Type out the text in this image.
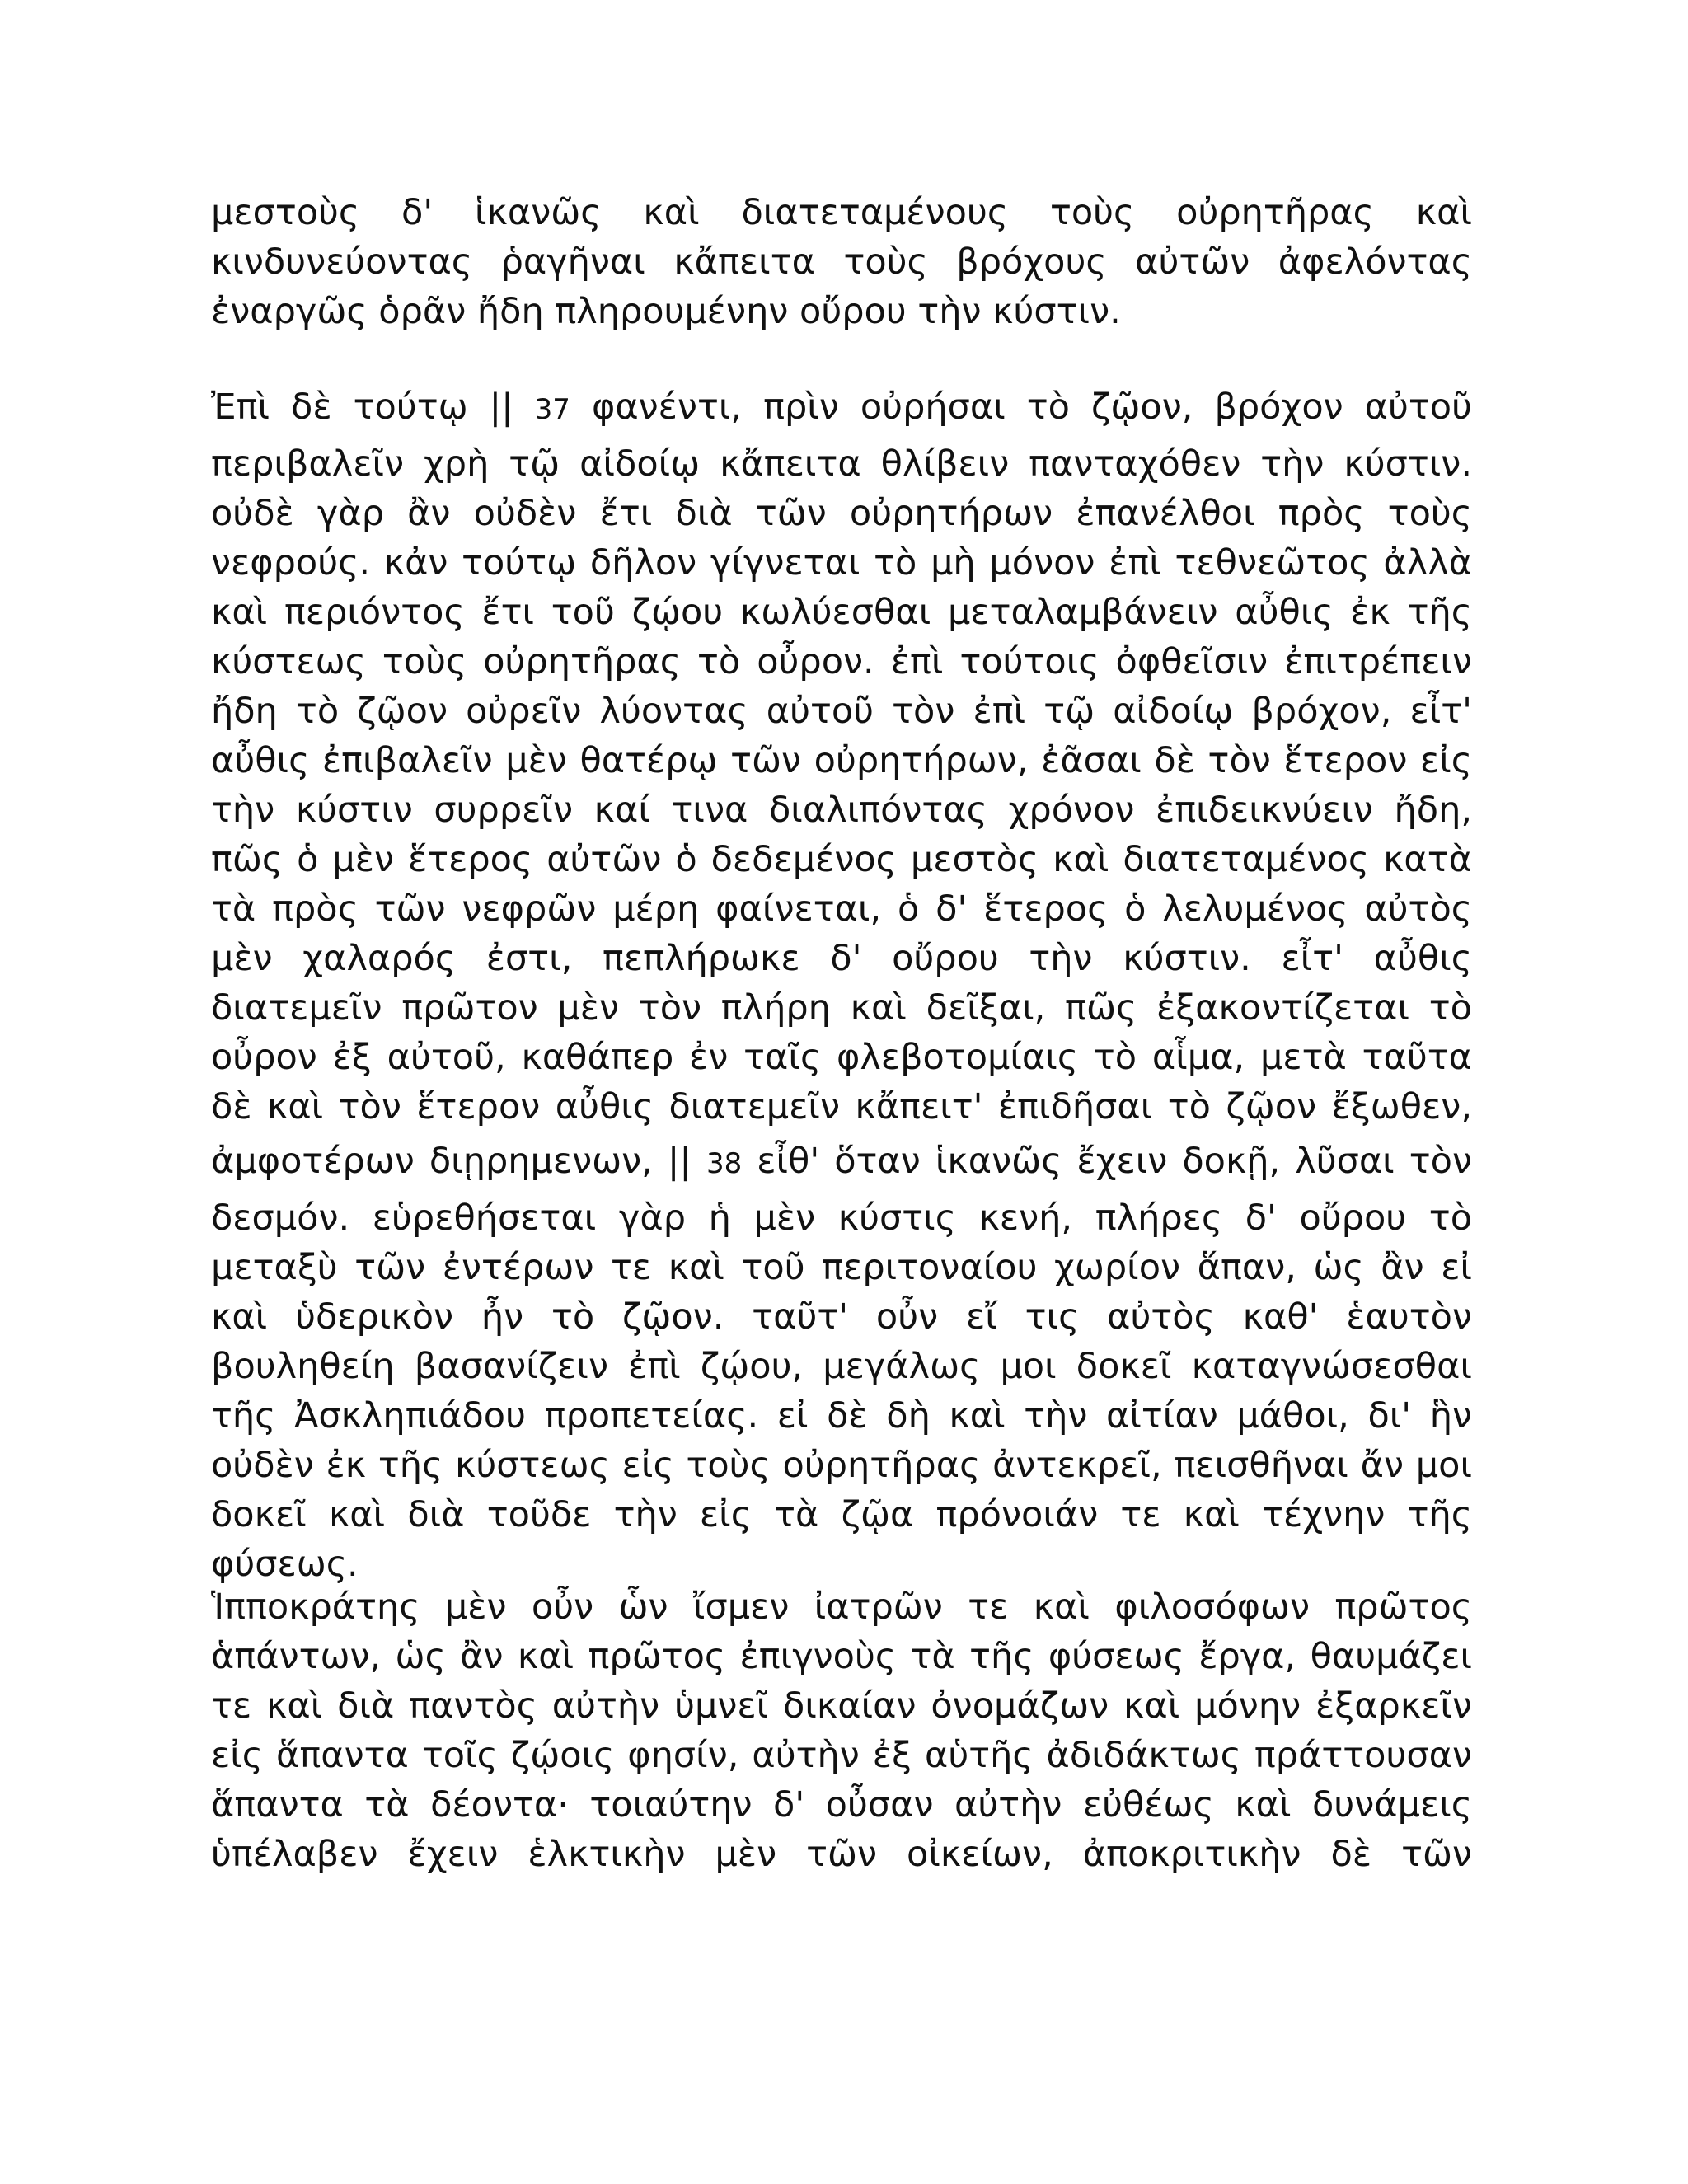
μεστοὺς δ' ἱκανῶς καὶ διατεταμένους τοὺς οὐρητῆρας καὶ
κινδυνεύοντας ῥαγῆναι κἄπειτα τοὺς βρόχους αὐτῶν ἀφελόντας
ἐναργῶς ὁρᾶν ἤδη πληρουμένην οὔρου τὴν κύστιν.
Ἐπὶ δὲ τούτῳ || 37 φανέντι, πρὶν οὐρήσαι τὸ ζῷον, βρόχον αὐτοῦ
περιβαλεῖν χρὴ τῷ αἰδοίῳ κἄπειτα θλίβειν πανταχόθεν τὴν κύστιν.
οὐδὲ γὰρ ἂν οὐδὲν ἔτι διὰ τῶν οὐρητήρων ἐπανέλθοι πρὸς τοὺς
νεφρούς. κἀν τούτῳ δῆλον γίγνεται τὸ μὴ μόνον ἐπὶ τεθνεῶτος ἀλλὰ
καὶ περιόντος ἔτι τοῦ ζῴου κωλύεσθαι μεταλαμβάνειν αὖθις ἐκ τῆς
κύστεως τοὺς οὐρητῆρας τὸ οὖρον. ἐπὶ τούτοις ὀφθεῖσιν ἐπιτρέπειν
ἤδη τὸ ζῷον οὐρεῖν λύοντας αὐτοῦ τὸν ἐπὶ τῷ αἰδοίῳ βρόχον, εἶτ'
αὖθις ἐπιβαλεῖν μὲν θατέρῳ τῶν οὐρητήρων, ἐᾶσαι δὲ τὸν ἕτερον εἰς
τὴν κύστιν συρρεῖν καί τινα διαλιπόντας χρόνον ἐπιδεικνύειν ἤδη,
πῶς ὁ μὲν ἕτερος αὐτῶν ὁ δεδεμένος μεστὸς καὶ διατεταμένος κατὰ
τὰ πρὸς τῶν νεφρῶν μέρη φαίνεται, ὁ δ' ἕτερος ὁ λελυμένος αὐτὸς
μὲν χαλαρός ἐστι, πεπλήρωκε δ' οὔρου τὴν κύστιν. εἶτ' αὖθις
διατεμεῖν πρῶτον μὲν τὸν πλήρη καὶ δεῖξαι, πῶς ἐξακοντίζεται τὸ
οὖρον ἐξ αὐτοῦ, καθάπερ ἐν ταῖς φλεβοτομίαις τὸ αἷμα, μετὰ ταῦτα
δὲ καὶ τὸν ἕτερον αὖθις διατεμεῖν κἄπειτ' ἐπιδῆσαι τὸ ζῷον ἔξωθεν,
ἀμφοτέρων διῃρημενων, || 38 εἶθ' ὅταν ἱκανῶς ἔχειν δοκῇ, λῦσαι τὸν
δεσμόν. εὑρεθήσεται γὰρ ἡ μὲν κύστις κενή, πλήρες δ' οὔρου τὸ
μεταξὺ τῶν ἐντέρων τε καὶ τοῦ περιτοναίου χωρίον ἅπαν, ὡς ἂν εἰ
καὶ ὑδερικὸν ἦν τὸ ζῷον. ταῦτ' οὖν εἴ τις αὐτὸς καθ' ἑαυτὸν
βουληθείη βασανίζειν ἐπὶ ζῴου, μεγάλως μοι δοκεῖ καταγνώσεσθαι
τῆς Ἀσκληπιάδου προπετείας. εἰ δὲ δὴ καὶ τὴν αἰτίαν μάθοι, δι' ἣν
οὐδὲν ἐκ τῆς κύστεως εἰς τοὺς οὐρητῆρας ἀντεκρεῖ, πεισθῆναι ἄν μοι
δοκεῖ καὶ διὰ τοῦδε τὴν εἰς τὰ ζῷα πρόνοιάν τε καὶ τέχνην τῆς
φύσεως.
Ἱπποκράτης μὲν οὖν ὧν ἴσμεν ἰατρῶν τε καὶ φιλοσόφων πρῶτος
ἁπάντων, ὡς ἂν καὶ πρῶτος ἐπιγνοὺς τὰ τῆς φύσεως ἔργα, θαυμάζει
τε καὶ διὰ παντὸς αὐτὴν ὑμνεῖ δικαίαν ὀνομάζων καὶ μόνην ἐξαρκεῖν
εἰς ἅπαντα τοῖς ζῴοις φησίν, αὐτὴν ἐξ αὑτῆς ἀδιδάκτως πράττουσαν
ἅπαντα τὰ δέοντα· τοιαύτην δ' οὖσαν αὐτὴν εὐθέως καὶ δυνάμεις
ὑπέλαβεν ἔχειν ἑλκτικὴν μὲν τῶν οἰκείων, ἀποκριτικὴν δὲ τῶν
